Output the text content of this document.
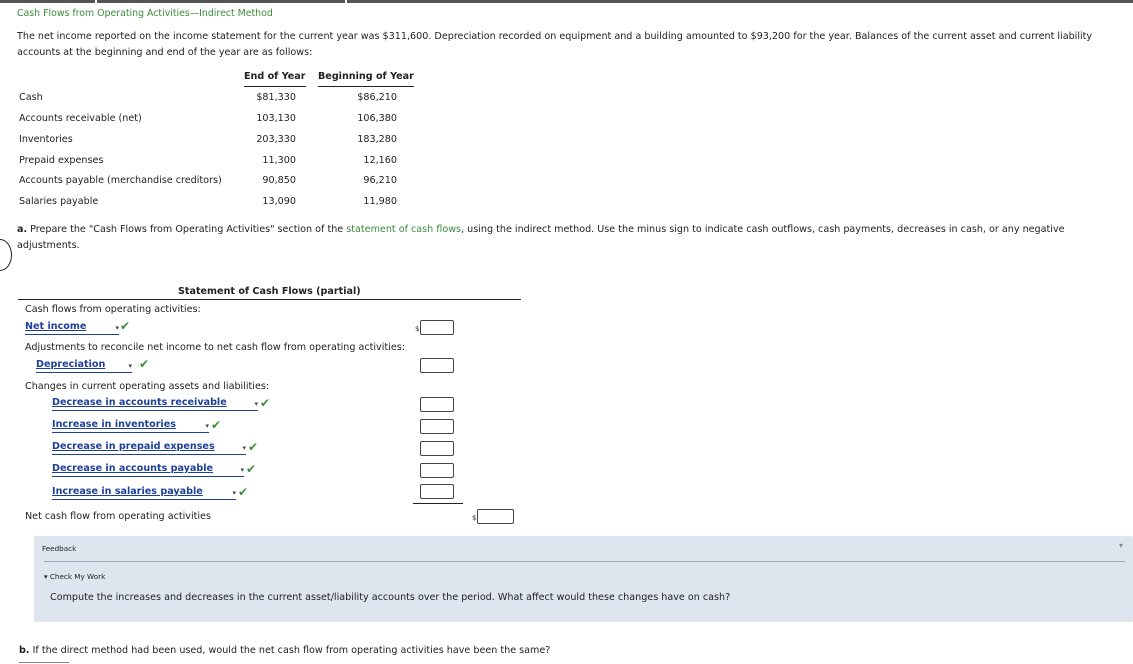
Cash Flows from Operating Activities—Indirect Method
The net income reported on the income statement for the current year was $311,600. Depreciation recorded on equipment and a building amounted to $93,200 for the year. Balances of the current asset and current liability accounts at the beginning and end of the year are as follows:
End of Year Beginning of Year
Cash	$81,330	$86,210
Accounts receivable (net)	103,130	106,380
Inventories	203,330	183,280
Prepaid expenses	11,300	12,160
Accounts payable (merchandise creditors)	90,850	96,210
Salaries payable	13,090	11,980
a. Prepare the "Cash Flows from Operating Activities" section of the statement of cash flows, using the indirect method. Use the minus sign to indicate cash outflows, cash payments, decreases in cash, or any negative adjustments.
Statement of Cash Flows (partial)
Cash flows from operating activities:
Net income	▾ ✔	$
Adjustments to reconcile net income to net cash flow from operating activities:
Depreciation	▾ ✔
Changes in current operating assets and liabilities:
Decrease in accounts receivable	▾ ✔
Increase in inventories	▾ ✔
Decrease in prepaid expenses	▾ ✔
Decrease in accounts payable	▾ ✔
Increase in salaries payable	▾ ✔
Net cash flow from operating activities	$
Feedback	▾
▾ Check My Work
Compute the increases and decreases in the current asset/liability accounts over the period. What affect would these changes have on cash?
b. If the direct method had been used, would the net cash flow from operating activities have been the same?
